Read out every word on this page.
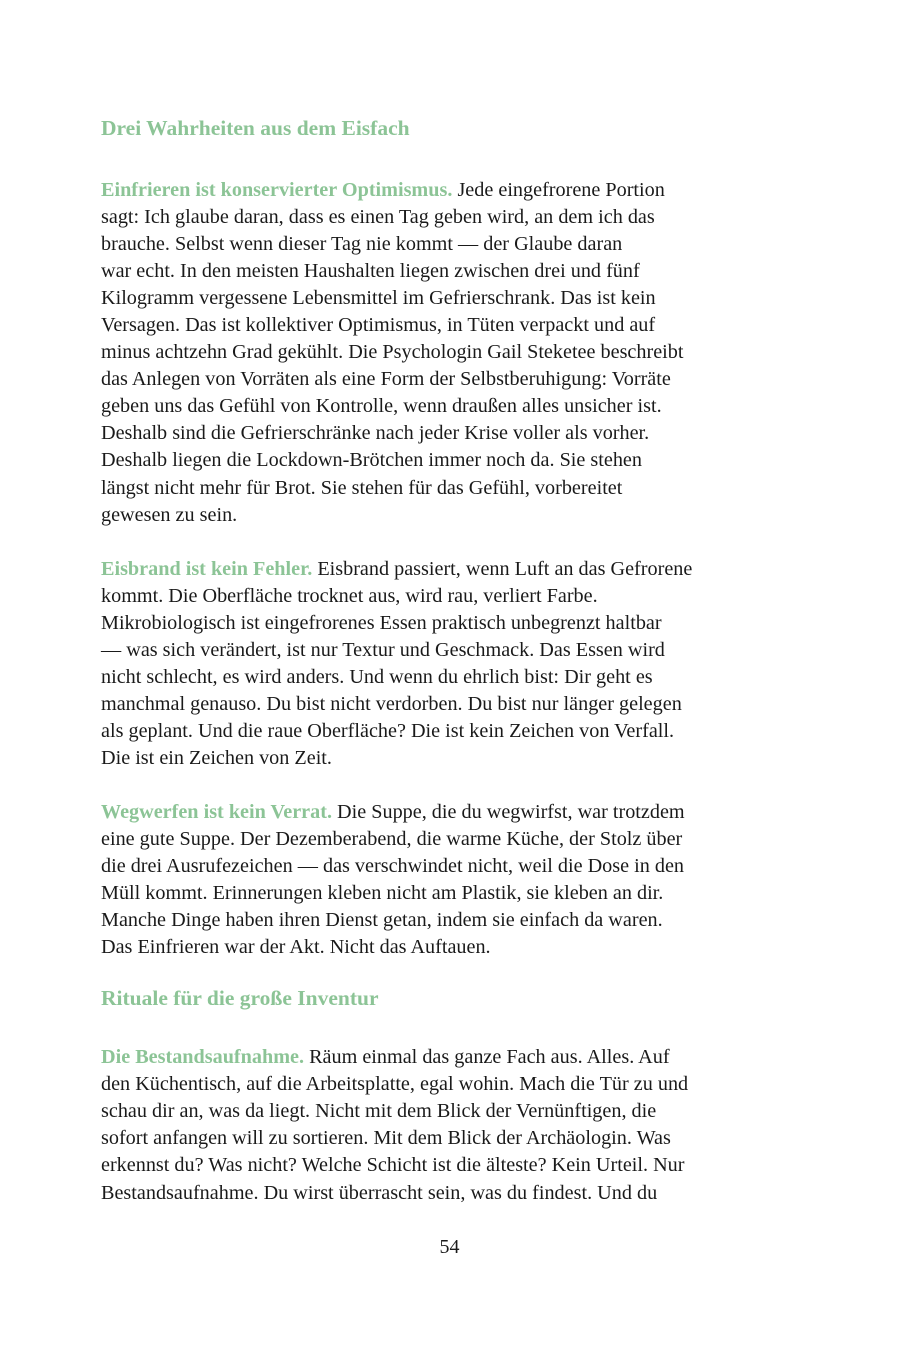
Drei Wahrheiten aus dem Eisfach

Einfrieren ist konservierter Optimismus. Jede eingefrorene Portion
sagt: Ich glaube daran, dass es einen Tag geben wird, an dem ich das
brauche. Selbst wenn dieser Tag nie kommt — der Glaube daran
war echt. In den meisten Haushalten liegen zwischen drei und fünf
Kilogramm vergessene Lebensmittel im Gefrierschrank. Das ist kein
Versagen. Das ist kollektiver Optimismus, in Tüten verpackt und auf
minus achtzehn Grad gekühlt. Die Psychologin Gail Steketee beschreibt
das Anlegen von Vorräten als eine Form der Selbstberuhigung: Vorräte
geben uns das Gefühl von Kontrolle, wenn draußen alles unsicher ist.
Deshalb sind die Gefrierschränke nach jeder Krise voller als vorher.
Deshalb liegen die Lockdown-Brötchen immer noch da. Sie stehen
längst nicht mehr für Brot. Sie stehen für das Gefühl, vorbereitet
gewesen zu sein.

Eisbrand ist kein Fehler. Eisbrand passiert, wenn Luft an das Gefrorene
kommt. Die Oberfläche trocknet aus, wird rau, verliert Farbe.
Mikrobiologisch ist eingefrorenes Essen praktisch unbegrenzt haltbar
— was sich verändert, ist nur Textur und Geschmack. Das Essen wird
nicht schlecht, es wird anders. Und wenn du ehrlich bist: Dir geht es
manchmal genauso. Du bist nicht verdorben. Du bist nur länger gelegen
als geplant. Und die raue Oberfläche? Die ist kein Zeichen von Verfall.
Die ist ein Zeichen von Zeit.

Wegwerfen ist kein Verrat. Die Suppe, die du wegwirfst, war trotzdem
eine gute Suppe. Der Dezemberabend, die warme Küche, der Stolz über
die drei Ausrufezeichen — das verschwindet nicht, weil die Dose in den
Müll kommt. Erinnerungen kleben nicht am Plastik, sie kleben an dir.
Manche Dinge haben ihren Dienst getan, indem sie einfach da waren.
Das Einfrieren war der Akt. Nicht das Auftauen.

Rituale für die große Inventur

Die Bestandsaufnahme. Räum einmal das ganze Fach aus. Alles. Auf
den Küchentisch, auf die Arbeitsplatte, egal wohin. Mach die Tür zu und
schau dir an, was da liegt. Nicht mit dem Blick der Vernünftigen, die
sofort anfangen will zu sortieren. Mit dem Blick der Archäologin. Was
erkennst du? Was nicht? Welche Schicht ist die älteste? Kein Urteil. Nur
Bestandsaufnahme. Du wirst überrascht sein, was du findest. Und du

54
